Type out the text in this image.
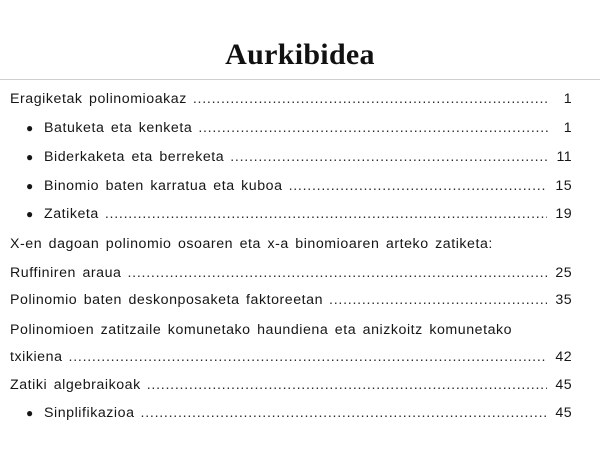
Aurkibidea
Eragiketak polinomioakaz . . .	1
● Batuketa eta kenketa . . .	1
● Biderkaketa eta berreketa . . .	11
● Binomio baten karratua eta kuboa . . .	15
● Zatiketa . . .	19
X-en dagoan polinomio osoaren eta x-a binomioaren arteko zatiketa:
Ruffiniren araua . . .	25
Polinomio baten deskonposaketa faktoreetan . . .	35
Polinomioen zatitzaile komunetako haundiena eta anizkoitz komunetako
txikiena . . .	42
Zatiki algebraikoak . . .	45
● Sinplifikazioa . . .	45
